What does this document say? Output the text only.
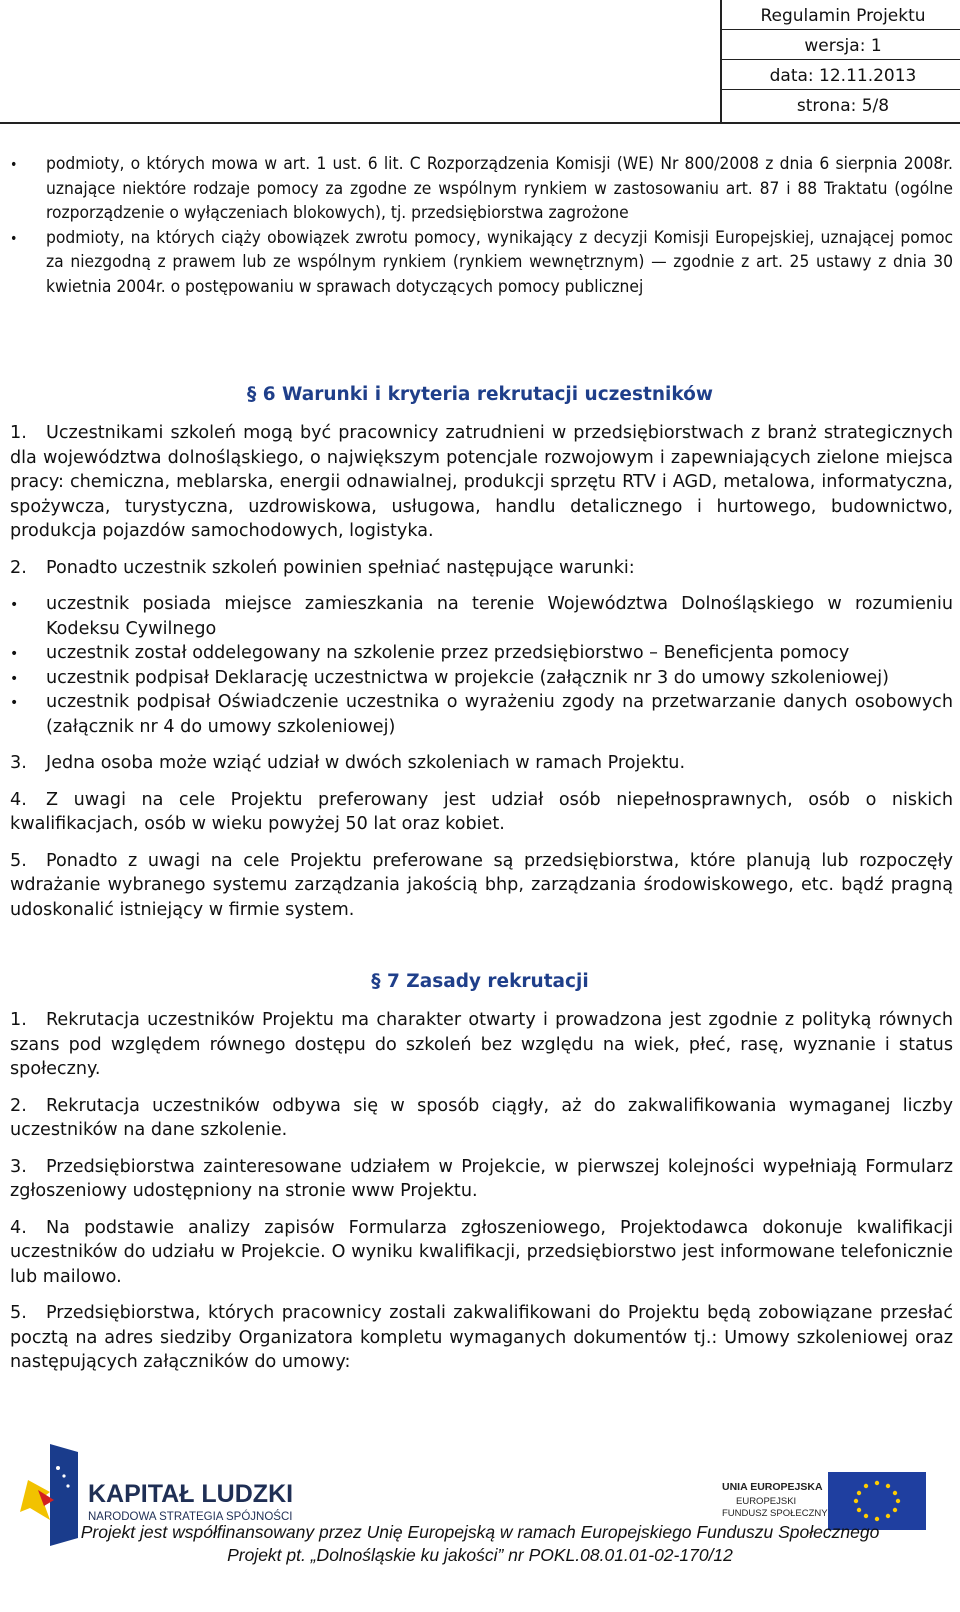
Regulamin Projektu
wersja: 1
data: 12.11.2013
strona: 5/8
•
podmioty, o których mowa w art. 1 ust. 6 lit. C Rozporządzenia Komisji (WE) Nr 800/2008 z dnia 6 sierpnia 2008r. uznające niektóre rodzaje pomocy za zgodne ze wspólnym rynkiem w zastosowaniu art. 87 i 88 Traktatu (ogólne rozporządzenie o wyłączeniach blokowych), tj. przedsiębiorstwa zagrożone
•
podmioty, na których ciąży obowiązek zwrotu pomocy, wynikający z decyzji Komisji Europejskiej, uznającej pomoc za niezgodną z prawem lub ze wspólnym rynkiem (rynkiem wewnętrznym) — zgodnie z art. 25 ustawy z dnia 30 kwietnia 2004r. o postępowaniu w sprawach dotyczących pomocy publicznej
§ 6 Warunki i kryteria rekrutacji uczestników
1. Uczestnikami szkoleń mogą być pracownicy zatrudnieni w przedsiębiorstwach z branż strategicznych dla województwa dolnośląskiego, o największym potencjale rozwojowym i zapewniających zielone miejsca pracy: chemiczna, meblarska, energii odnawialnej, produkcji sprzętu RTV i AGD, metalowa, informatyczna, spożywcza, turystyczna, uzdrowiskowa, usługowa, handlu detalicznego i hurtowego, budownictwo, produkcja pojazdów samochodowych, logistyka.
2. Ponadto uczestnik szkoleń powinien spełniać następujące warunki:
•
uczestnik posiada miejsce zamieszkania na terenie Województwa Dolnośląskiego w rozumieniu Kodeksu Cywilnego
•
uczestnik został oddelegowany na szkolenie przez przedsiębiorstwo – Beneficjenta pomocy
•
uczestnik podpisał Deklarację uczestnictwa w projekcie (załącznik nr 3 do umowy szkoleniowej)
•
uczestnik podpisał Oświadczenie uczestnika o wyrażeniu zgody na przetwarzanie danych osobowych (załącznik nr 4 do umowy szkoleniowej)
3. Jedna osoba może wziąć udział w dwóch szkoleniach w ramach Projektu.
4. Z uwagi na cele Projektu preferowany jest udział osób niepełnosprawnych, osób o niskich kwalifikacjach, osób w wieku powyżej 50 lat oraz kobiet.
5. Ponadto z uwagi na cele Projektu preferowane są przedsiębiorstwa, które planują lub rozpoczęły wdrażanie wybranego systemu zarządzania jakością bhp, zarządzania środowiskowego, etc. bądź pragną udoskonalić istniejący w firmie system.
§ 7 Zasady rekrutacji
1. Rekrutacja uczestników Projektu ma charakter otwarty i prowadzona jest zgodnie z polityką równych szans pod względem równego dostępu do szkoleń bez względu na wiek, płeć, rasę, wyznanie i status społeczny.
2. Rekrutacja uczestników odbywa się w sposób ciągły, aż do zakwalifikowania wymaganej liczby uczestników na dane szkolenie.
3. Przedsiębiorstwa zainteresowane udziałem w Projekcie, w pierwszej kolejności wypełniają Formularz zgłoszeniowy udostępniony na stronie www Projektu.
4. Na podstawie analizy zapisów Formularza zgłoszeniowego, Projektodawca dokonuje kwalifikacji uczestników do udziału w Projekcie. O wyniku kwalifikacji, przedsiębiorstwo jest informowane telefonicznie lub mailowo.
5. Przedsiębiorstwa, których pracownicy zostali zakwalifikowani do Projektu będą zobowiązane przesłać pocztą na adres siedziby Organizatora kompletu wymaganych dokumentów tj.: Umowy szkoleniowej oraz następujących załączników do umowy:
KAPITAŁ LUDZKI
NARODOWA STRATEGIA SPÓJNOŚCI
UNIA EUROPEJSKA
EUROPEJSKI
FUNDUSZ SPOŁECZNY
Projekt jest współfinansowany przez Unię Europejską w ramach Europejskiego Funduszu Społecznego
Projekt pt. „Dolnośląskie ku jakości” nr POKL.08.01.01-02-170/12
